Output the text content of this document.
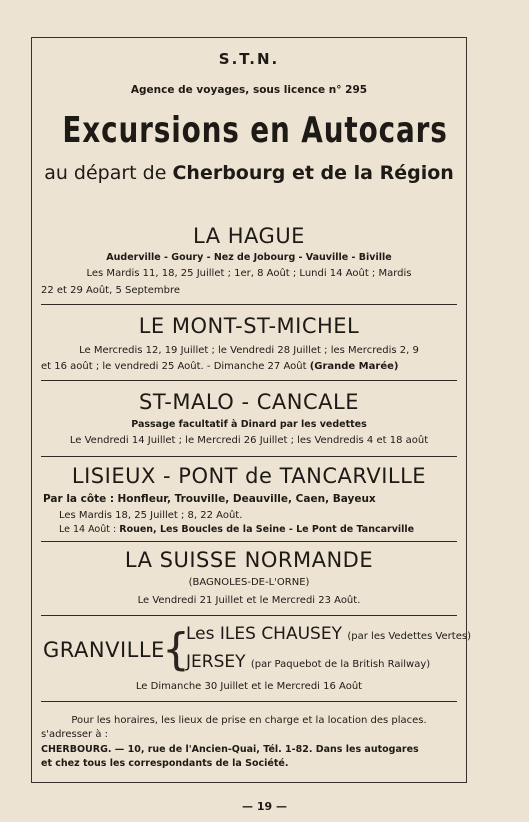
S.T.N.
Agence de voyages, sous licence n° 295
Excursions en Autocars
au départ de Cherbourg et de la Région
LA HAGUE
Auderville - Goury - Nez de Jobourg - Vauville - Biville
Les Mardis 11, 18, 25 Juillet ; 1er, 8 Août ; Lundi 14 Août ; Mardis
22 et 29 Août, 5 Septembre
LE MONT-ST-MICHEL
Le Mercredis 12, 19 Juillet ; le Vendredi 28 Juillet ; les Mercredis 2, 9
et 16 août ; le vendredi 25 Août. - Dimanche 27 Août (Grande Marée)
ST-MALO - CANCALE
Passage facultatif à Dinard par les vedettes
Le Vendredi 14 Juillet ; le Mercredi 26 Juillet ; les Vendredis 4 et 18 août
LISIEUX - PONT de TANCARVILLE
Par la côte : Honfleur, Trouville, Deauville, Caen, Bayeux
Les Mardis 18, 25 Juillet ; 8, 22 Août.
Le 14 Août : Rouen, Les Boucles de la Seine - Le Pont de Tancarville
LA SUISSE NORMANDE
(BAGNOLES-DE-L'ORNE)
Le Vendredi 21 Juillet et le Mercredi 23 Août.
GRANVILLE
{
Les ILES CHAUSEY (par les Vedettes Vertes)
JERSEY (par Paquebot de la British Railway)
Le Dimanche 30 Juillet et le Mercredi 16 Août
Pour les horaires, les lieux de prise en charge et la location des places.
s'adresser à :
CHERBOURG. — 10, rue de l'Ancien-Quai, Tél. 1-82. Dans les autogares
et chez tous les correspondants de la Société.
— 19 —
